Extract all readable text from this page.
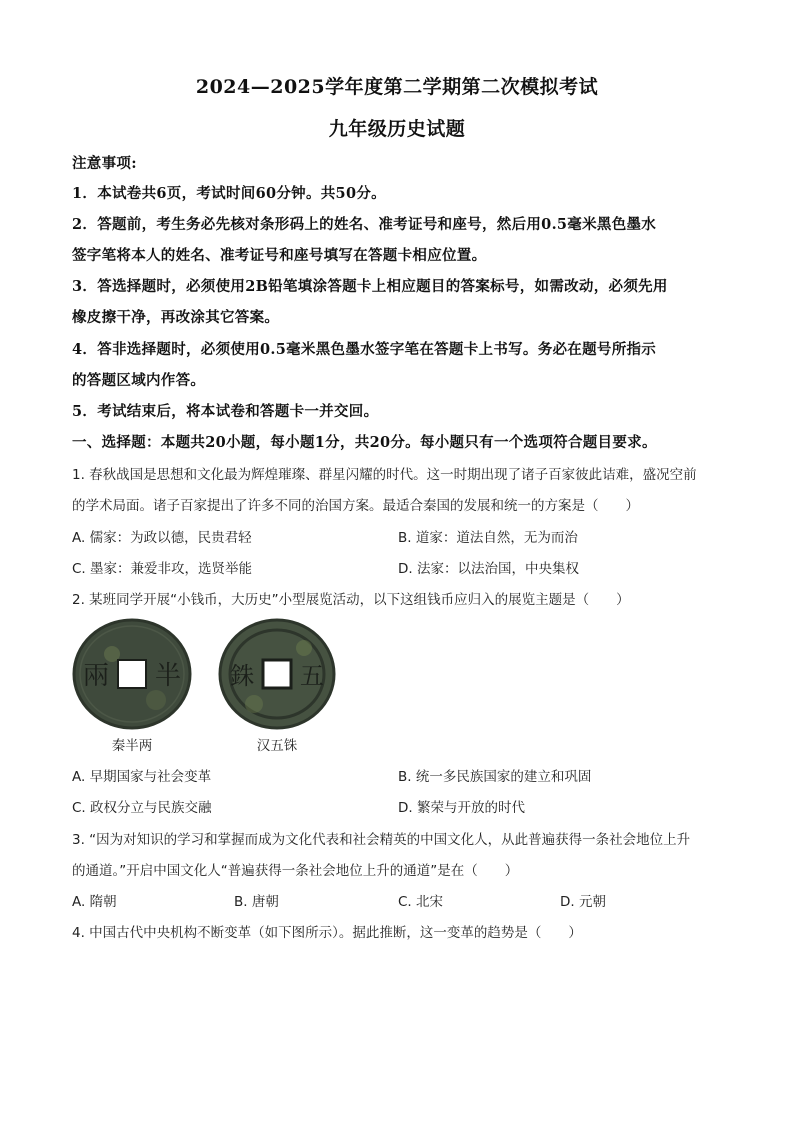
2024—2025学年度第二学期第二次模拟考试
九年级历史试题
注意事项:
1．本试卷共6页，考试时间60分钟。共50分。
2．答题前，考生务必先核对条形码上的姓名、准考证号和座号，然后用0.5毫米黑色墨水
签字笔将本人的姓名、准考证号和座号填写在答题卡相应位置。
3．答选择题时，必须使用2B铅笔填涂答题卡上相应题目的答案标号，如需改动，必须先用
橡皮擦干净，再改涂其它答案。
4．答非选择题时，必须使用0.5毫米黑色墨水签字笔在答题卡上书写。务必在题号所指示
的答题区域内作答。
5．考试结束后，将本试卷和答题卡一并交回。
一、选择题：本题共20小题，每小题1分，共20分。每小题只有一个选项符合题目要求。
1. 春秋战国是思想和文化最为辉煌璀璨、群星闪耀的时代。这一时期出现了诸子百家彼此诘难，盛况空前
的学术局面。诸子百家提出了许多不同的治国方案。最适合秦国的发展和统一的方案是（　　）
A. 儒家：为政以德，民贵君轻	B. 道家：道法自然，无为而治
C. 墨家：兼爱非攻，选贤举能	D. 法家：以法治国，中央集权
2. 某班同学开展“小钱币，大历史”小型展览活动，以下这组钱币应归入的展览主题是（　　）
兩 半
秦半两
銖 五
汉五铢
A. 早期国家与社会变革	B. 统一多民族国家的建立和巩固
C. 政权分立与民族交融	D. 繁荣与开放的时代
3. “因为对知识的学习和掌握而成为文化代表和社会精英的中国文化人，从此普遍获得一条社会地位上升
的通道。”开启中国文化人“普遍获得一条社会地位上升的通道”是在（　　）
A. 隋朝	B. 唐朝	C. 北宋	D. 元朝
4. 中国古代中央机构不断变革（如下图所示）。据此推断，这一变革的趋势是（　　）
